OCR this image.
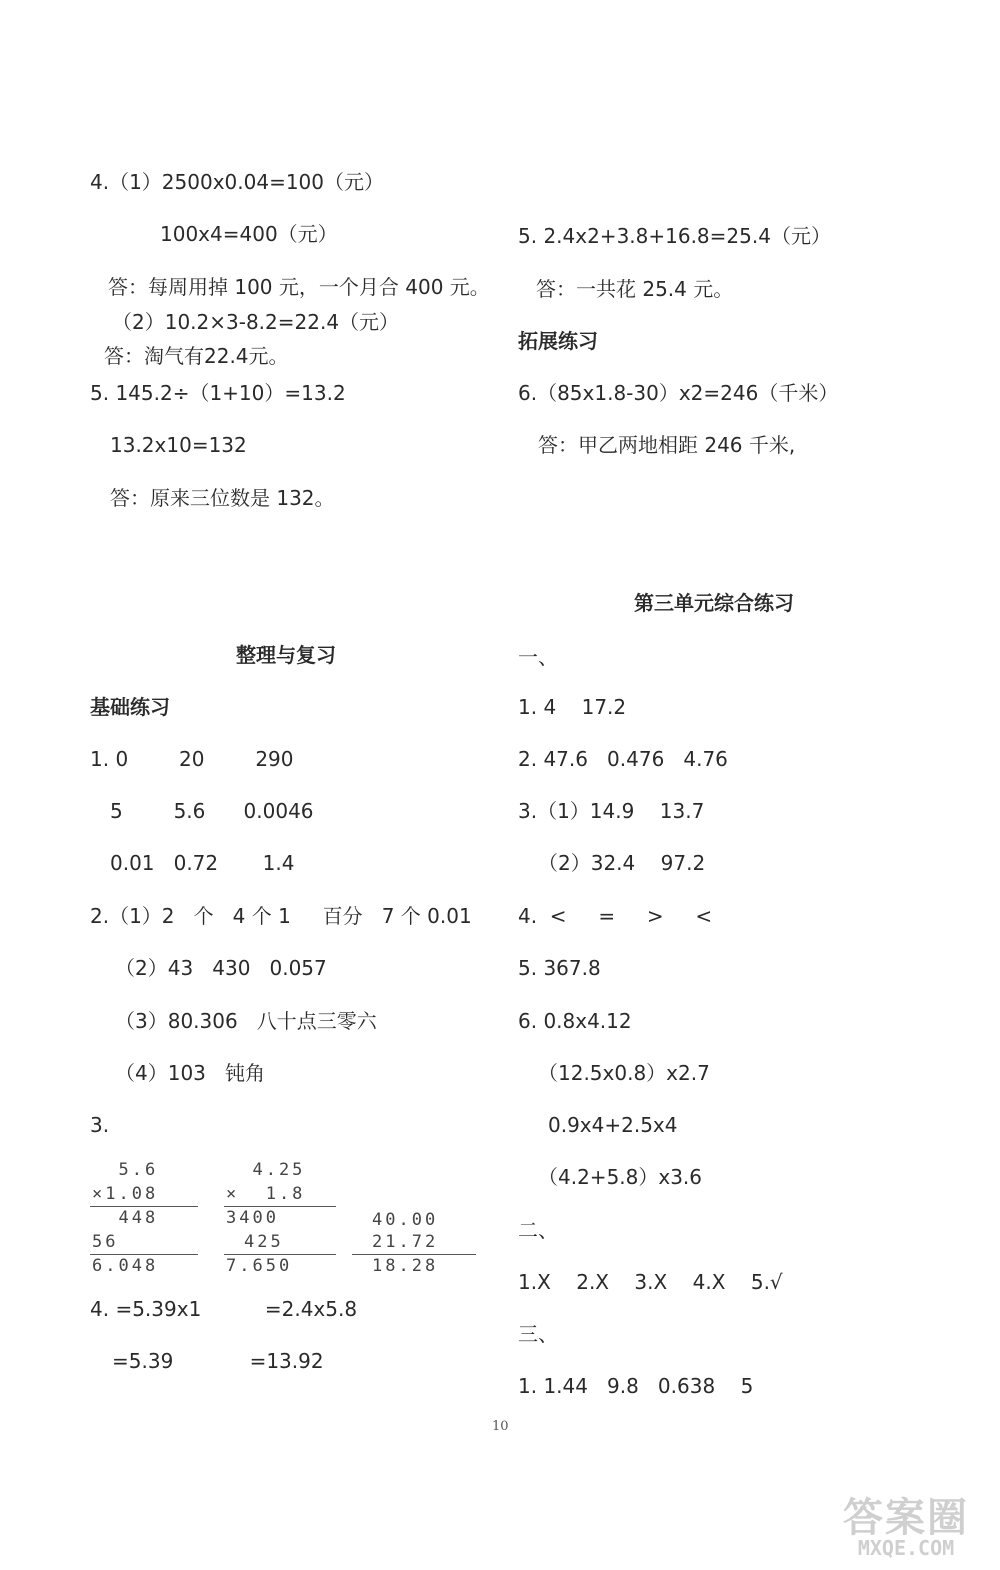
4.（1）2500x0.04=100（元）
100x4=400（元）
答：每周用掉 100 元，一个月合 400 元。
（2）10.2×3-8.2=22.4（元）
答：淘气有22.4元。
5. 145.2÷（1+10）=13.2
13.2x10=132
答：原来三位数是 132。
5. 2.4x2+3.8+16.8=25.4（元）
答：一共花 25.4 元。
拓展练习
6.（85x1.8-30）x2=246（千米）
答：甲乙两地相距 246 千米,
整理与复习
基础练习
1. 0        20        290
5        5.6      0.0046
0.01   0.72       1.4
2.（1）2   个   4 个 1     百分   7 个 0.01
（2）43   430   0.057
（3）80.306   八十点三零六
（4）103   钝角
3.
5.6
×1.08
448
56
6.048
4.25
×  1.8
3400
425
7.650
40.00
21.72
18.28
4. =5.39x1          =2.4x5.8
=5.39            =13.92
第三单元综合练习
一、
1. 4    17.2
2. 47.6   0.476   4.76
3.（1）14.9    13.7
（2）32.4    97.2
4.  <     =     >     <
5. 367.8
6. 0.8x4.12
（12.5x0.8）x2.7
0.9x4+2.5x4
（4.2+5.8）x3.6
二、
1.X    2.X    3.X    4.X    5.√
三、
1. 1.44   9.8   0.638    5
10
答案圈
MXQE.COM
